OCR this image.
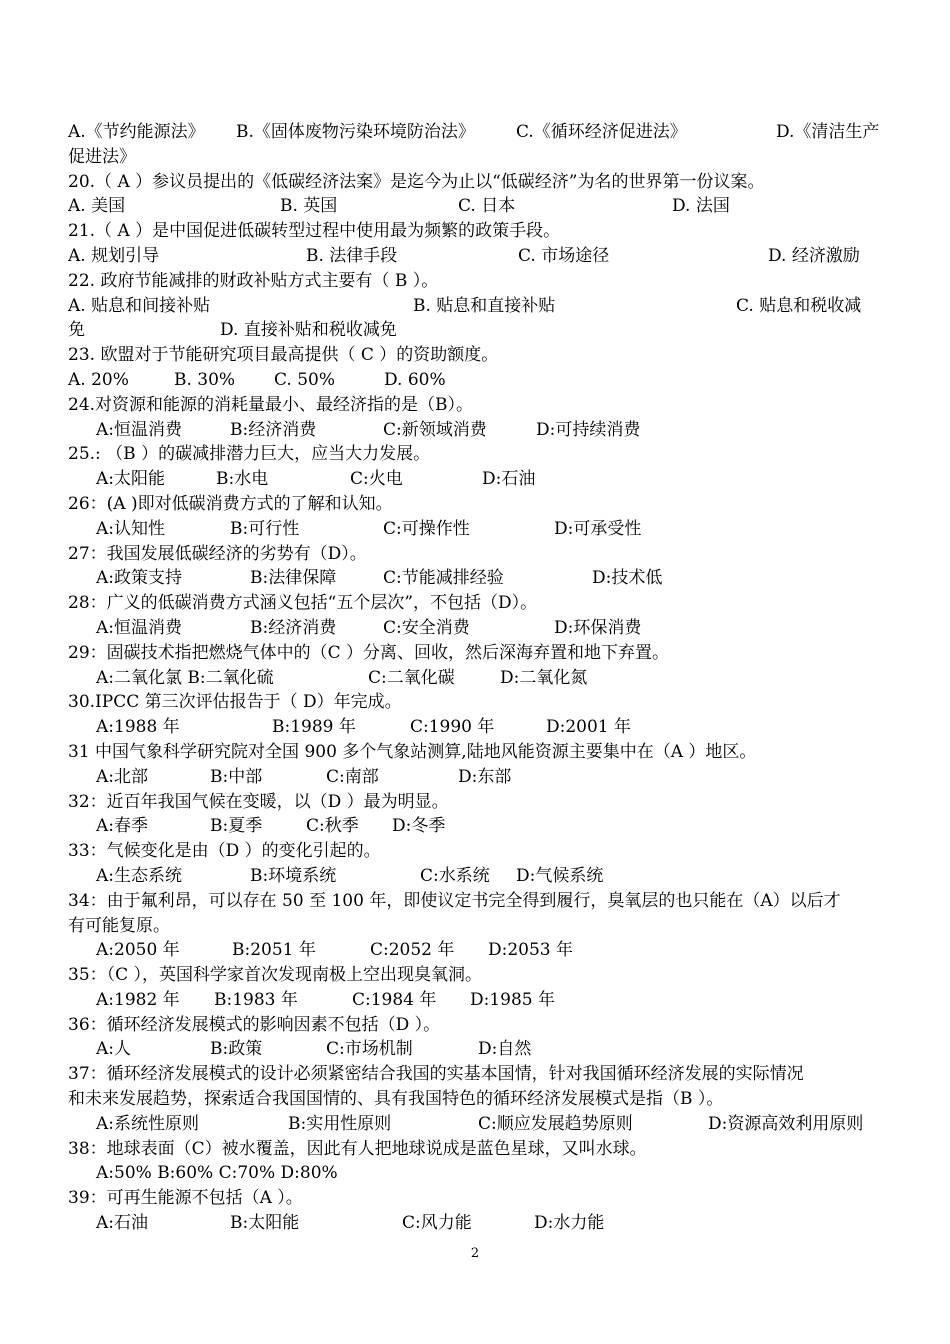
A.《节约能源法》 B.《固体废物污染环境防治法》 C.《循环经济促进法》	D.《清洁生产
促进法》
20.（ A ）参议员提出的《低碳经济法案》是迄今为止以“低碳经济”为名的世界第一份议案。
A. 美国	B. 英国	C. 日本	D. 法国
21.（ A ）是中国促进低碳转型过程中使用最为频繁的政策手段。
A. 规划引导	B. 法律手段	C. 市场途径	D. 经济激励
22. 政府节能减排的财政补贴方式主要有（ B ）。
A. 贴息和间接补贴	B. 贴息和直接补贴	C. 贴息和税收减
免	D. 直接补贴和税收减免
23. 欧盟对于节能研究项目最高提供（ C ）的资助额度。
A. 20%	B. 30% C. 50%	D. 60%
24.对资源和能源的消耗量最小、最经济指的是（B）。
A:恒温消费	B:经济消费	C:新领域消费	D:可持续消费
25.: （B ）的碳减排潜力巨大，应当大力发展。
A:太阳能	B:水电	C:火电	D:石油
26：(A )即对低碳消费方式的了解和认知。
A:认知性	B:可行性	C:可操作性	D:可承受性
27：我国发展低碳经济的劣势有（D）。
A:政策支持	B:法律保障	C:节能减排经验	D:技术低
28：广义的低碳消费方式涵义包括“五个层次”，不包括（D）。
A:恒温消费	B:经济消费	C:安全消费	D:环保消费
29：固碳技术指把燃烧气体中的（C ）分离、回收，然后深海弃置和地下弃置。
A:二氧化氯 B:二氧化硫	C:二氧化碳	D:二氧化氮
30.IPCC 第三次评估报告于（ D）年完成。
A:1988 年	B:1989 年	C:1990 年	D:2001 年
31 中国气象科学研究院对全国 900 多个气象站测算,陆地风能资源主要集中在（A ）地区。
A:北部	B:中部	C:南部	D:东部
32：近百年我国气候在变暖，以（D ）最为明显。
A:春季	B:夏季	C:秋季 D:冬季
33：气候变化是由（D ）的变化引起的。
A:生态系统	B:环境系统	C:水系统 D:气候系统
34：由于氟利昂，可以存在 50 至 100 年，即使议定书完全得到履行，臭氧层的也只能在（A）以后才
有可能复原。
A:2050 年	B:2051 年	C:2052 年 D:2053 年
35：（C ），英国科学家首次发现南极上空出现臭氧洞。
A:1982 年 B:1983 年	C:1984 年 D:1985 年
36：循环经济发展模式的影响因素不包括（D ）。
A:人	B:政策	C:市场机制	D:自然
37：循环经济发展模式的设计必须紧密结合我国的实基本国情，针对我国循环经济发展的实际情况
和未来发展趋势，探索适合我国国情的、具有我国特色的循环经济发展模式是指（B ）。
A:系统性原则	B:实用性原则	C:顺应发展趋势原则	D:资源高效利用原则
38：地球表面（C）被水覆盖，因此有人把地球说成是蓝色星球，又叫水球。
A:50% B:60% C:70% D:80%
39：可再生能源不包括（A ）。
A:石油	B:太阳能	C:风力能	D:水力能
2
